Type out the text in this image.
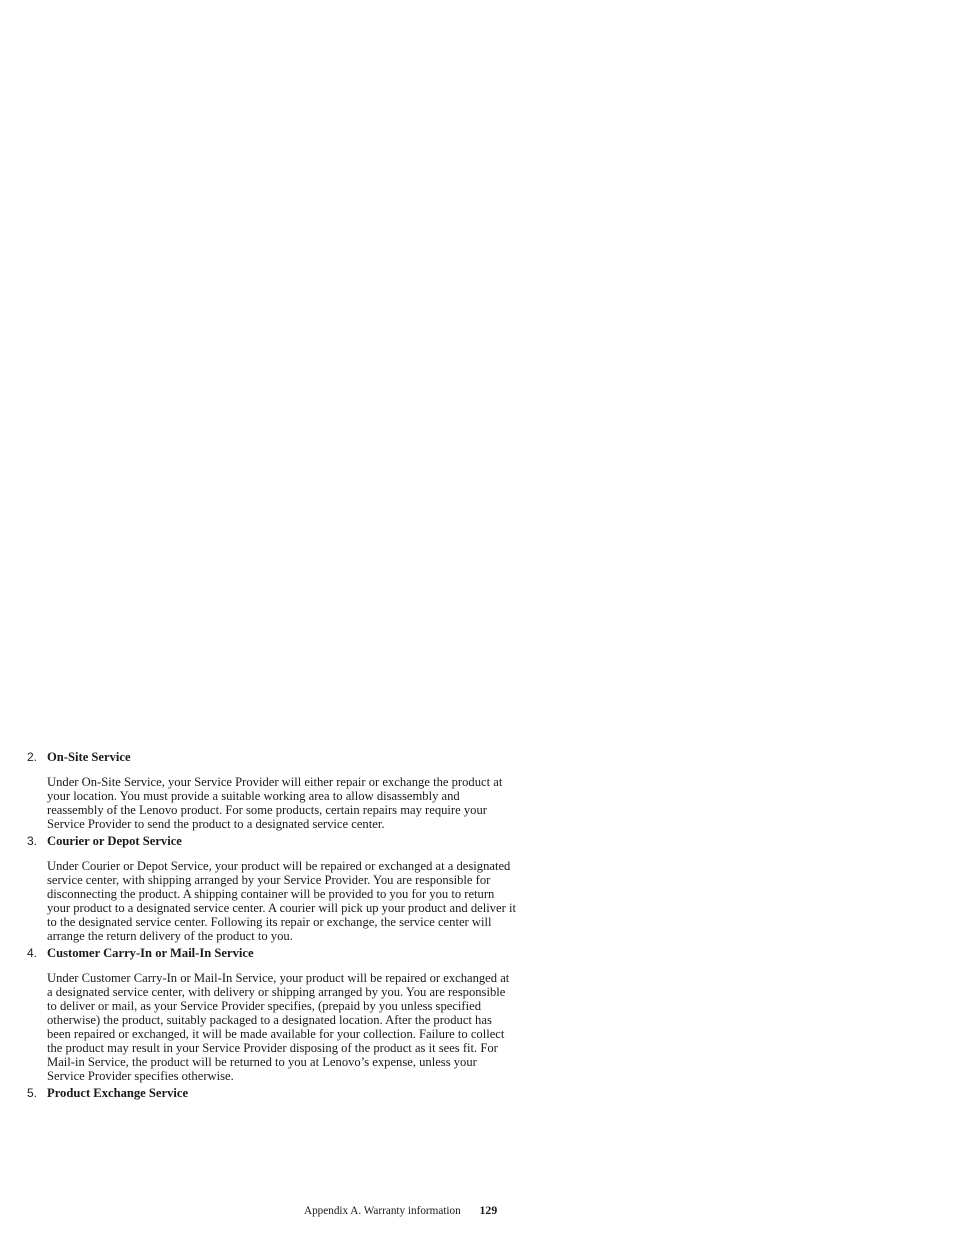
2. On-Site Service

Under On-Site Service, your Service Provider will either repair or exchange the product at your location. You must provide a suitable working area to allow disassembly and reassembly of the Lenovo product. For some products, certain repairs may require your Service Provider to send the product to a designated service center.

3. Courier or Depot Service

Under Courier or Depot Service, your product will be repaired or exchanged at a designated service center, with shipping arranged by your Service Provider. You are responsible for disconnecting the product. A shipping container will be provided to you for you to return your product to a designated service center. A courier will pick up your product and deliver it to the designated service center. Following its repair or exchange, the service center will arrange the return delivery of the product to you.

4. Customer Carry-In or Mail-In Service

Under Customer Carry-In or Mail-In Service, your product will be repaired or exchanged at a designated service center, with delivery or shipping arranged by you. You are responsible to deliver or mail, as your Service Provider specifies, (prepaid by you unless specified otherwise) the product, suitably packaged to a designated location. After the product has been repaired or exchanged, it will be made available for your collection. Failure to collect the product may result in your Service Provider disposing of the product as it sees fit. For Mail-in Service, the product will be returned to you at Lenovo’s expense, unless your Service Provider specifies otherwise.

5. Product Exchange Service

Appendix A. Warranty information 129
